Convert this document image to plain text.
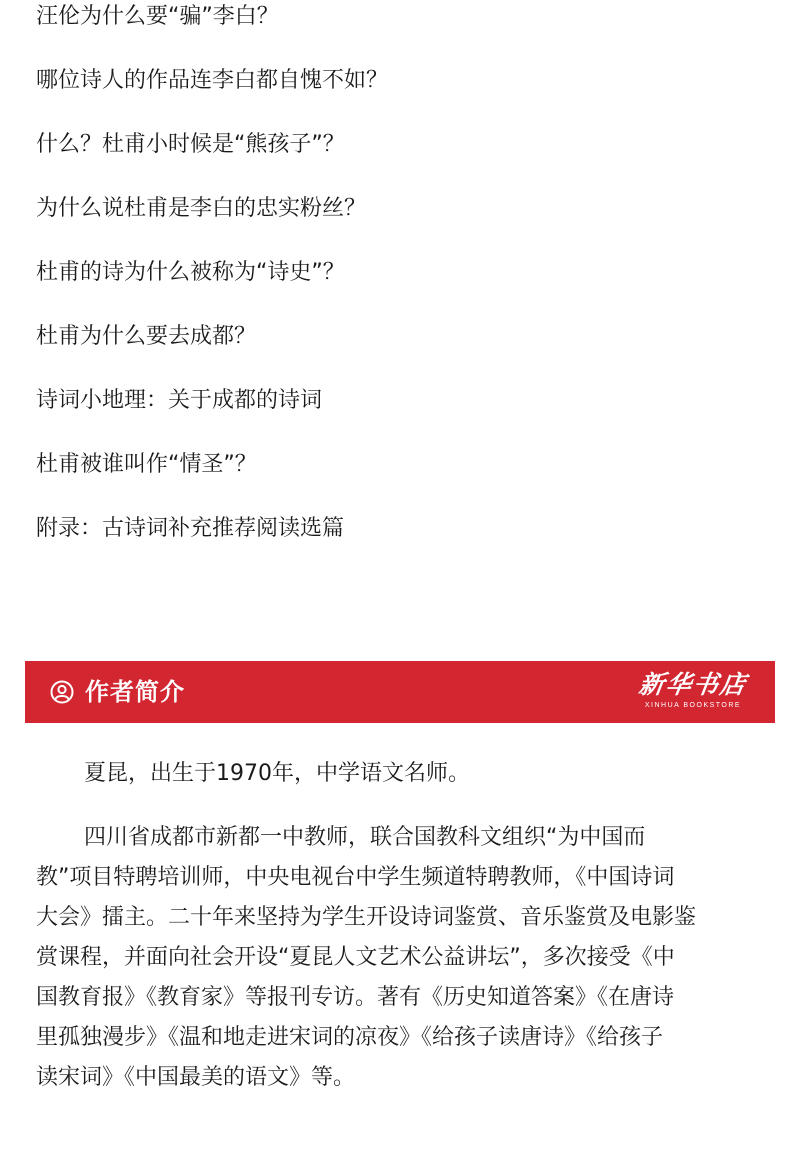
汪伦为什么要“骗”李白？
哪位诗人的作品连李白都自愧不如？
什么？杜甫小时候是“熊孩子”？
为什么说杜甫是李白的忠实粉丝？
杜甫的诗为什么被称为“诗史”？
杜甫为什么要去成都？
诗词小地理：关于成都的诗词
杜甫被谁叫作“情圣”？
附录：古诗词补充推荐阅读选篇
作者简介	新华书店
XINHUA BOOKSTORE
夏昆，出生于1970年，中学语文名师。
四川省成都市新都一中教师，联合国教科文组织“为中国而
教”项目特聘培训师，中央电视台中学生频道特聘教师，《中国诗词
大会》擂主。二十年来坚持为学生开设诗词鉴赏、音乐鉴赏及电影鉴
赏课程，并面向社会开设“夏昆人文艺术公益讲坛”，多次接受《中
国教育报》《教育家》等报刊专访。著有《历史知道答案》《在唐诗
里孤独漫步》《温和地走进宋词的凉夜》《给孩子读唐诗》《给孩子
读宋词》《中国最美的语文》等。
